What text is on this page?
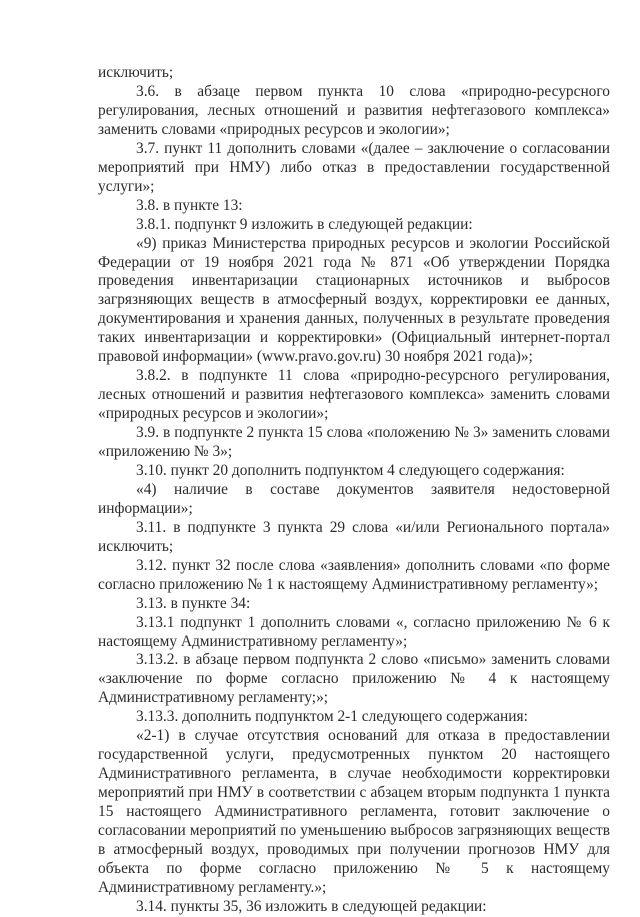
исключить;
3.6. в абзаце первом пункта 10 слова «природно-ресурсного
регулирования, лесных отношений и развития нефтегазового комплекса»
заменить словами «природных ресурсов и экологии»;
3.7. пункт 11 дополнить словами «(далее – заключение о согласовании
мероприятий при НМУ) либо отказ в предоставлении государственной
услуги»;
3.8. в пункте 13:
3.8.1. подпункт 9 изложить в следующей редакции:
«9) приказ Министерства природных ресурсов и экологии Российской
Федерации от 19 ноября 2021 года № 871 «Об утверждении Порядка
проведения инвентаризации стационарных источников и выбросов
загрязняющих веществ в атмосферный воздух, корректировки ее данных,
документирования и хранения данных, полученных в результате проведения
таких инвентаризации и корректировки» (Официальный интернет-портал
правовой информации» (www.pravo.gov.ru) 30 ноября 2021 года)»;
3.8.2. в подпункте 11 слова «природно-ресурсного регулирования,
лесных отношений и развития нефтегазового комплекса» заменить словами
«природных ресурсов и экологии»;
3.9. в подпункте 2 пункта 15 слова «положению № 3» заменить словами
«приложению № 3»;
3.10. пункт 20 дополнить подпунктом 4 следующего содержания:
«4) наличие в составе документов заявителя недостоверной
информации»;
3.11. в подпункте 3 пункта 29 слова «и/или Регионального портала»
исключить;
3.12. пункт 32 после слова «заявления» дополнить словами «по форме
согласно приложению № 1 к настоящему Административному регламенту»;
3.13. в пункте 34:
3.13.1 подпункт 1 дополнить словами «, согласно приложению № 6 к
настоящему Административному регламенту»;
3.13.2. в абзаце первом подпункта 2 слово «письмо» заменить словами
«заключение по форме согласно приложению № 4 к настоящему
Административному регламенту;»;
3.13.3. дополнить подпунктом 2-1 следующего содержания:
«2-1) в случае отсутствия оснований для отказа в предоставлении
государственной услуги, предусмотренных пунктом 20 настоящего
Административного регламента, в случае необходимости корректировки
мероприятий при НМУ в соответствии с абзацем вторым подпункта 1 пункта
15 настоящего Административного регламента, готовит заключение о
согласовании мероприятий по уменьшению выбросов загрязняющих веществ
в атмосферный воздух, проводимых при получении прогнозов НМУ для
объекта по форме согласно приложению № 5 к настоящему
Административному регламенту.»;
3.14. пункты 35, 36 изложить в следующей редакции:
